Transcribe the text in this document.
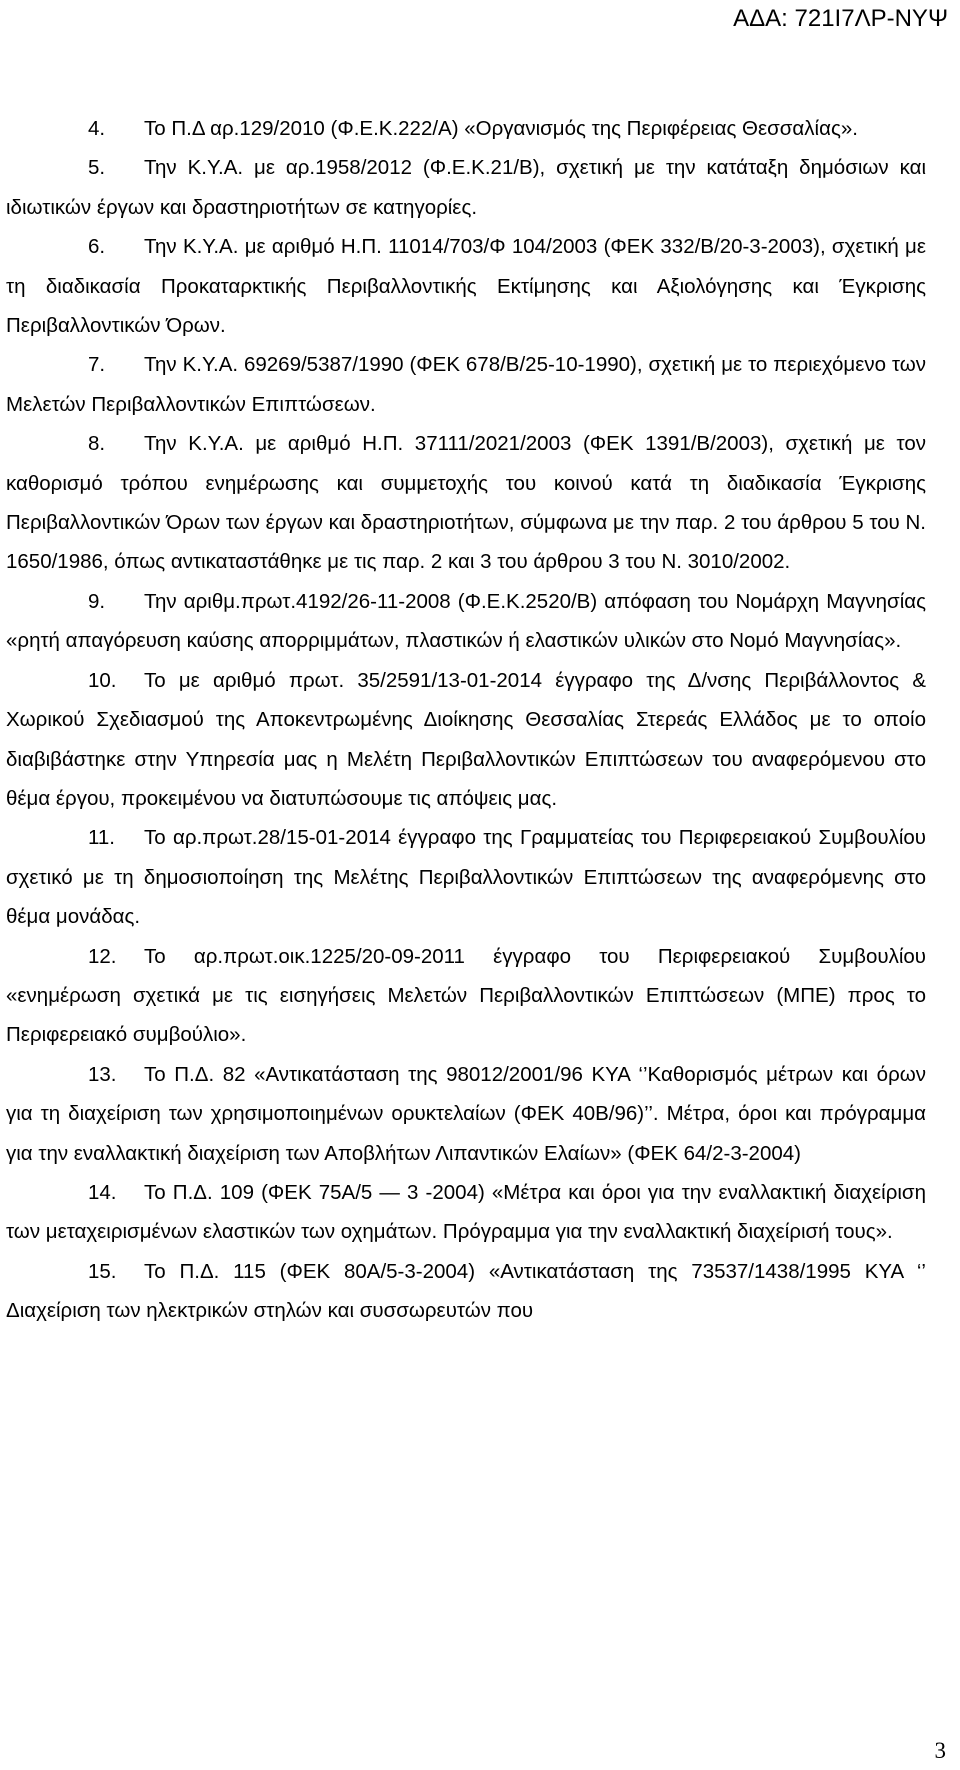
ΑΔΑ: 721Ι7ΛΡ-ΝΥΨ

4. Το Π.Δ αρ.129/2010 (Φ.Ε.Κ.222/Α) «Οργανισμός της Περιφέρειας Θεσσαλίας».

5. Την Κ.Υ.Α. με αρ.1958/2012 (Φ.Ε.Κ.21/Β), σχετική με την κατάταξη δημόσιων και ιδιωτικών έργων και δραστηριοτήτων σε κατηγορίες.

6. Την Κ.Υ.Α. με αριθμό Η.Π. 11014/703/Φ 104/2003 (ΦΕΚ 332/Β/20-3-2003), σχετική με τη διαδικασία Προκαταρκτικής Περιβαλλοντικής Εκτίμησης και Αξιολόγησης και Έγκρισης Περιβαλλοντικών Όρων.

7. Την Κ.Υ.Α. 69269/5387/1990 (ΦΕΚ 678/Β/25-10-1990), σχετική με το περιεχόμενο των Μελετών Περιβαλλοντικών Επιπτώσεων.

8. Την Κ.Υ.Α. με αριθμό Η.Π. 37111/2021/2003 (ΦΕΚ 1391/Β/2003), σχετική με τον καθορισμό τρόπου ενημέρωσης και συμμετοχής του κοινού κατά τη διαδικασία Έγκρισης Περιβαλλοντικών Όρων των έργων και δραστηριοτήτων, σύμφωνα με την παρ. 2 του άρθρου 5 του Ν. 1650/1986, όπως αντικαταστάθηκε με τις παρ. 2 και 3 του άρθρου 3 του Ν. 3010/2002.

9. Την αριθμ.πρωτ.4192/26-11-2008 (Φ.Ε.Κ.2520/Β) απόφαση του Νομάρχη Μαγνησίας «ρητή απαγόρευση καύσης απορριμμάτων, πλαστικών ή ελαστικών υλικών στο Νομό Μαγνησίας».

10. Το με αριθμό πρωτ. 35/2591/13-01-2014 έγγραφο της Δ/νσης Περιβάλλοντος & Χωρικού Σχεδιασμού της Αποκεντρωμένης Διοίκησης Θεσσαλίας Στερεάς Ελλάδος με το οποίο διαβιβάστηκε στην Υπηρεσία μας η Μελέτη Περιβαλλοντικών Επιπτώσεων του αναφερόμενου στο θέμα έργου, προκειμένου να διατυπώσουμε τις απόψεις μας.

11. Το αρ.πρωτ.28/15-01-2014 έγγραφο της Γραμματείας του Περιφερειακού Συμβουλίου σχετικό με τη δημοσιοποίηση της Μελέτης Περιβαλλοντικών Επιπτώσεων της αναφερόμενης στο θέμα μονάδας.

12. Το αρ.πρωτ.οικ.1225/20-09-2011 έγγραφο του Περιφερειακού Συμβουλίου «ενημέρωση σχετικά με τις εισηγήσεις Μελετών Περιβαλλοντικών Επιπτώσεων (ΜΠΕ) προς το Περιφερειακό συμβούλιο».

13. Το Π.Δ. 82 «Αντικατάσταση της 98012/2001/96 ΚΥΑ ‘’Καθορισμός μέτρων και όρων για τη διαχείριση των χρησιμοποιημένων ορυκτελαίων (ΦΕΚ 40Β/96)’’. Μέτρα, όροι και πρόγραμμα για την εναλλακτική διαχείριση των Αποβλήτων Λιπαντικών Ελαίων» (ΦΕΚ 64/2-3-2004)

14. Το Π.Δ. 109 (ΦΕΚ 75Α/5 — 3 -2004) «Μέτρα και όροι για την εναλλακτική διαχείριση των μεταχειρισμένων ελαστικών των οχημάτων. Πρόγραμμα για την εναλλακτική διαχείρισή τους».

15. Το Π.Δ. 115 (ΦΕΚ 80Α/5-3-2004) «Αντικατάσταση της 73537/1438/1995 ΚΥΑ ‘’ Διαχείριση των ηλεκτρικών στηλών και συσσωρευτών που

3
